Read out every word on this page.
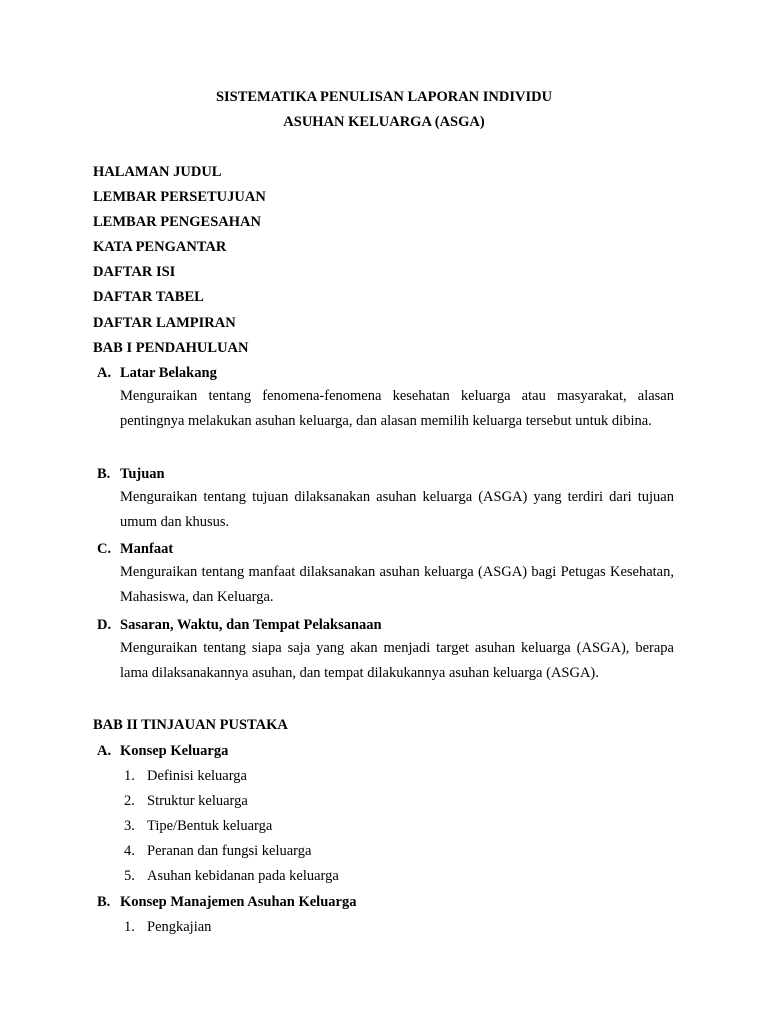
SISTEMATIKA PENULISAN LAPORAN INDIVIDU
ASUHAN KELUARGA (ASGA)
HALAMAN JUDUL
LEMBAR PERSETUJUAN
LEMBAR PENGESAHAN
KATA PENGANTAR
DAFTAR ISI
DAFTAR TABEL
DAFTAR LAMPIRAN
BAB I PENDAHULUAN
A. Latar Belakang
Menguraikan tentang fenomena-fenomena kesehatan keluarga atau masyarakat, alasan pentingnya melakukan asuhan keluarga, dan alasan memilih keluarga tersebut untuk dibina.
B. Tujuan
Menguraikan tentang tujuan dilaksanakan asuhan keluarga (ASGA) yang terdiri dari tujuan umum dan khusus.
C. Manfaat
Menguraikan tentang manfaat dilaksanakan asuhan keluarga (ASGA) bagi Petugas Kesehatan, Mahasiswa, dan Keluarga.
D. Sasaran, Waktu, dan Tempat Pelaksanaan
Menguraikan tentang siapa saja yang akan menjadi target asuhan keluarga (ASGA), berapa lama dilaksanakannya asuhan, dan tempat dilakukannya asuhan keluarga (ASGA).
BAB II TINJAUAN PUSTAKA
A. Konsep Keluarga
1. Definisi keluarga
2. Struktur keluarga
3. Tipe/Bentuk keluarga
4. Peranan dan fungsi keluarga
5. Asuhan kebidanan pada keluarga
B. Konsep Manajemen Asuhan Keluarga
1. Pengkajian
